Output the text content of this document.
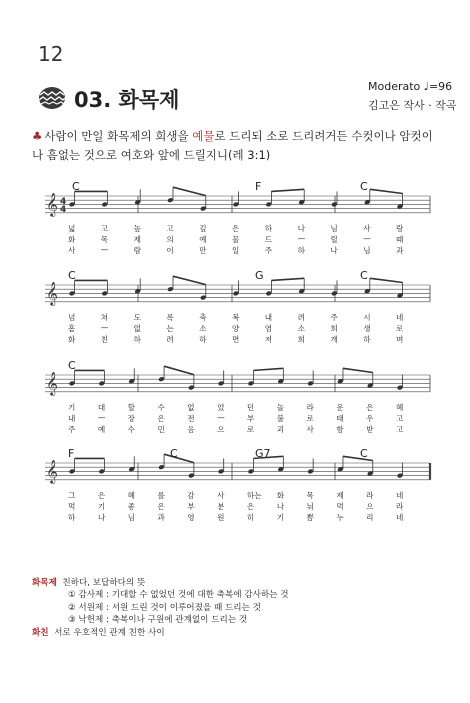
12
03. 화목제
Moderato ♩=96
김고은 작사 · 작곡
♣ 사람이 만일 화목제의 희생을 예물로 드리되 소로 드리려거든 수컷이나 암컷이나 흠없는 것으로 여호와 앞에 드릴지니(레 3:1)
𝄞 4
4
𝄞
𝄞
𝄞
C	F	C
C	G	C
C
F	C	G7	C
넓	고	높	고	깊	은	하	나	님	사	랑
화	목	제	의	예	물	드	—	릴	—	때
사	—	람	이	만	일	주	하	나	님	과
넘	쳐	도	록	축	복	내	려	주	시	네
흠	—	없	는	소	양	염	소	희	생	로
화	친	하	려	하	면	저	희	개	하	며
기	대	할	수	없	었	던	놀	라	운	은	혜
내	—	장	은	전	—	부	불	로	태	우	고
주	예	수	민	음	으	로	괴	사	함	받	고
그	은	혜	를	감	사	하는 화	목	제	라	네
먹	기	좋	은	부	분	은	나	눠	먹	으	라
하	나	님	과	영	원	히	기	쁨	누	리	네
화목제 친하다, 보답하다의 뜻
① 감사제 : 기대할 수 없었던 것에 대한 축복에 감사하는 것
② 서원제 : 서원 드린 것이 이루어졌을 때 드리는 것
③ 낙헌제 : 축복이나 구원에 관계없이 드리는 것
화친 서로 우호적인 관계 친한 사이
